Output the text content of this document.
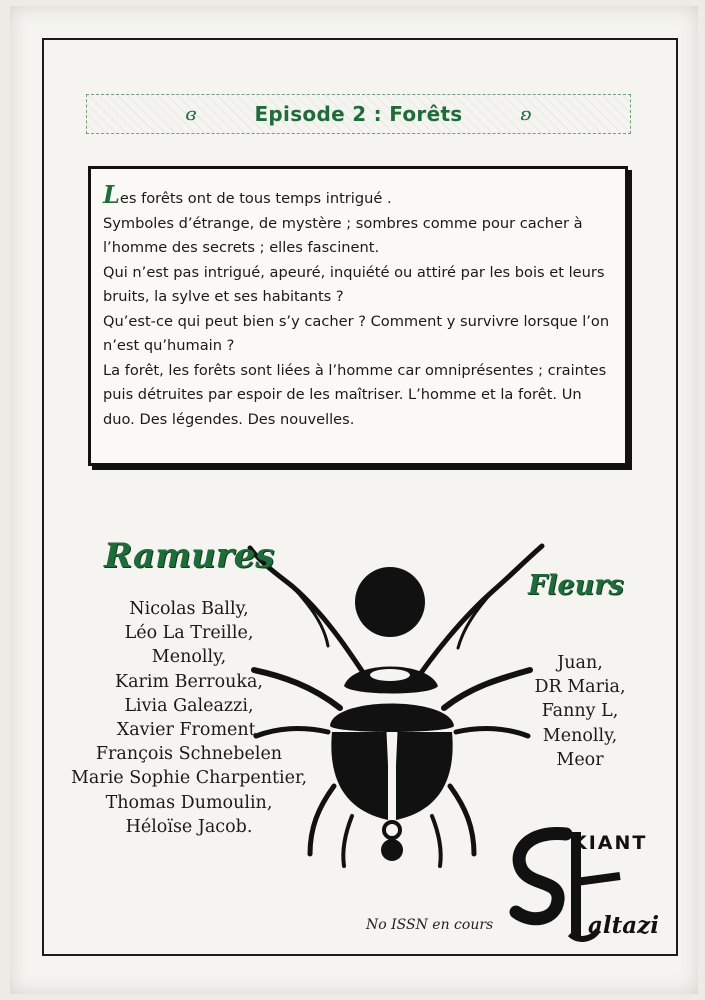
ɞ	Episode 2 : Forêts	ʚ

Les forêts ont de tous temps intrigué .

Symboles d’étrange, de mystère ; sombres comme pour cacher à l’homme des secrets ; elles fascinent.

Qui n’est pas intrigué, apeuré, inquiété ou attiré par les bois et leurs bruits, la sylve et ses habitants ?

Qu’est-ce qui peut bien s’y cacher ? Comment y survivre lorsque l’on n’est qu’humain ?

La forêt, les forêts sont liées à l’homme car omniprésentes ; craintes puis détruites par espoir de les maîtriser. L’homme et la forêt. Un duo. Des légendes. Des nouvelles.

Ramures
Nicolas Bally,
Léo La Treille,
Menolly,
Karim Berrouka,
Livia Galeazzi,
Xavier Froment,
François Schnebelen
Marie Sophie Charpentier,
Thomas Dumoulin,
Héloïse Jacob.
Fleurs
Juan,
DR Maria,
Fanny L,
Menolly,
Meor
KIANT
altazi
No ISSN en cours
